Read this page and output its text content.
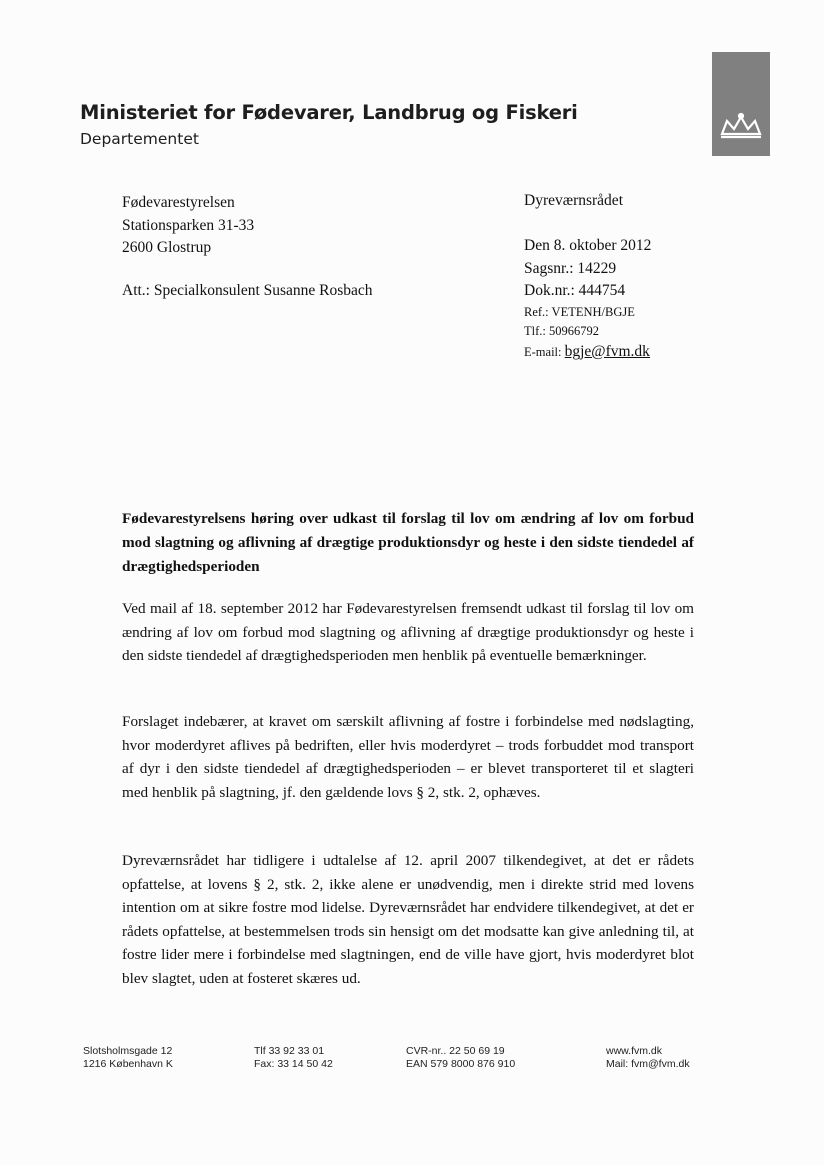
Ministeriet for Fødevarer, Landbrug og Fiskeri
Departementet
Fødevarestyrelsen
Stationsparken 31-33
2600 Glostrup
Att.: Specialkonsulent Susanne Rosbach
Dyreværnsrådet
Den 8. oktober 2012
Sagsnr.: 14229
Dok.nr.: 444754
Ref.: VETENH/BGJE
Tlf.: 50966792
E-mail: bgje@fvm.dk
Fødevarestyrelsens høring over udkast til forslag til lov om ændring af lov om forbud mod slagtning og aflivning af drægtige produktionsdyr og heste i den sidste tiendedel af drægtighedsperioden

Ved mail af 18. september 2012 har Fødevarestyrelsen fremsendt udkast til forslag til lov om ændring af lov om forbud mod slagtning og aflivning af drægtige produktionsdyr og heste i den sidste tiendedel af drægtighedsperioden men henblik på eventuelle bemærkninger.

Forslaget indebærer, at kravet om særskilt aflivning af fostre i forbindelse med nødslagting, hvor moderdyret aflives på bedriften, eller hvis moderdyret – trods forbuddet mod transport af dyr i den sidste tiendedel af drægtighedsperioden – er blevet transporteret til et slagteri med henblik på slagtning, jf. den gældende lovs § 2, stk. 2, ophæves.

Dyreværnsrådet har tidligere i udtalelse af 12. april 2007 tilkendegivet, at det er rådets opfattelse, at lovens § 2, stk. 2, ikke alene er unødvendig, men i direkte strid med lovens intention om at sikre fostre mod lidelse. Dyreværnsrådet har endvidere tilkendegivet, at det er rådets opfattelse, at bestemmelsen trods sin hensigt om det modsatte kan give anledning til, at fostre lider mere i forbindelse med slagtningen, end de ville have gjort, hvis moderdyret blot blev slagtet, uden at fosteret skæres ud.

Slotsholmsgade 12
1216 København K
Tlf 33 92 33 01
Fax: 33 14 50 42
CVR-nr.. 22 50 69 19
EAN 579 8000 876 910
www.fvm.dk
Mail: fvm@fvm.dk
